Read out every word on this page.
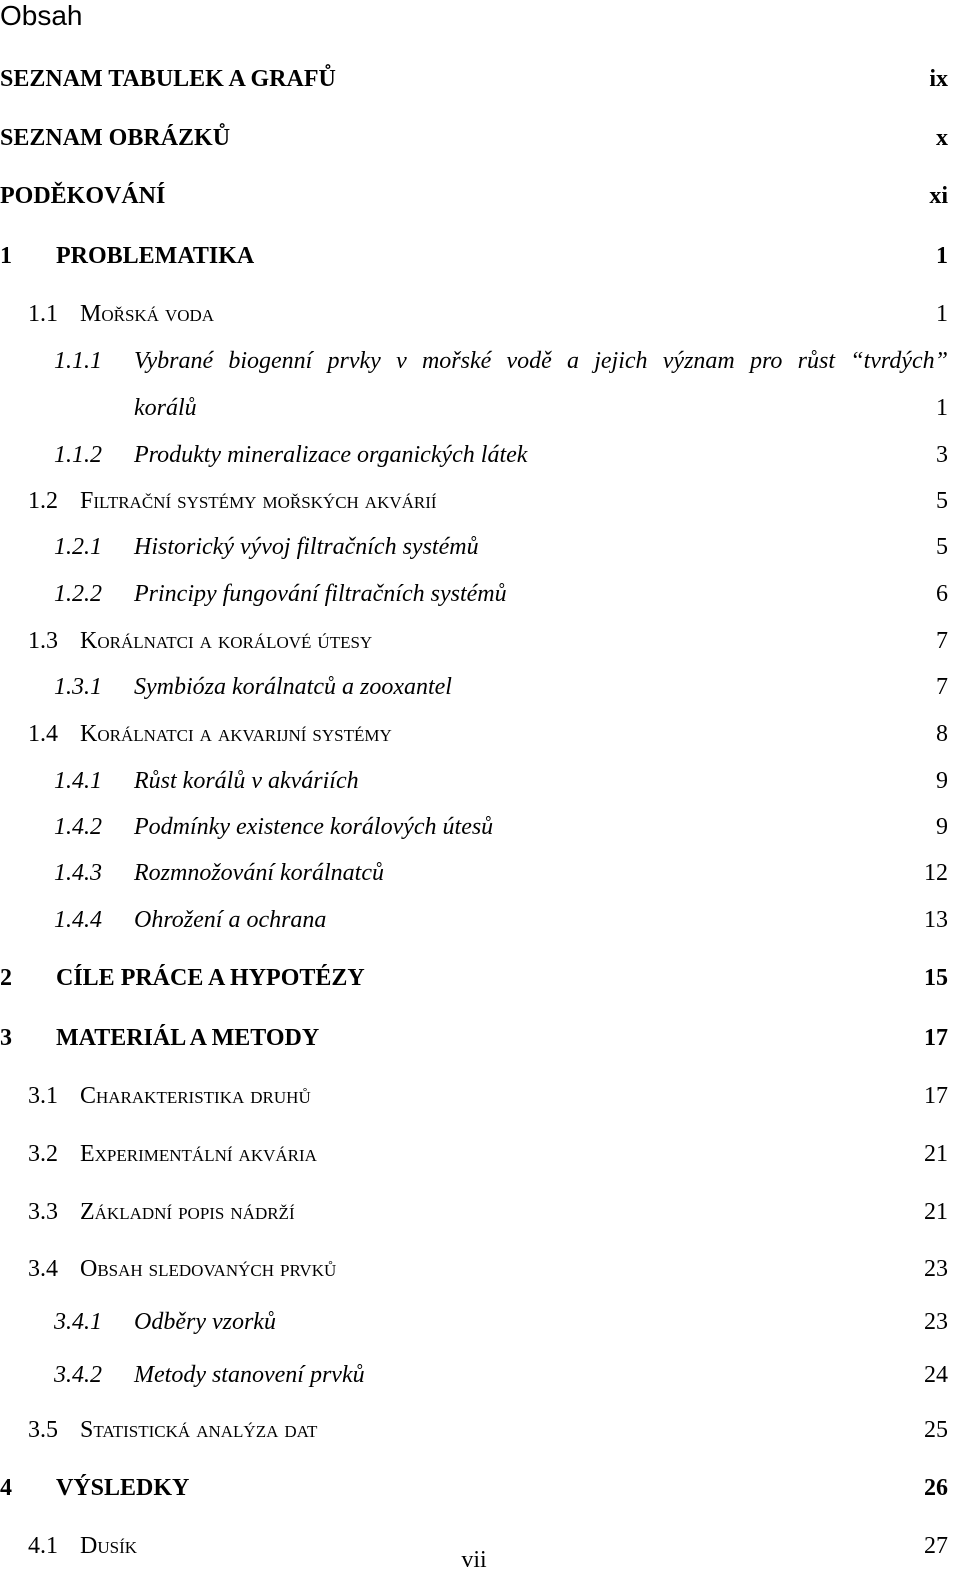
Obsah
SEZNAM TABULEK A GRAFŮ	ix
SEZNAM OBRÁZKŮ	x
PODĚKOVÁNÍ	xi
1	PROBLEMATIKA	1
1.1 Mořská voda	1
1.1.1	Vybrané biogenní prvky v mořské vodě a jejich význam pro růst “tvrdých”
korálů	1
1.1.2	Produkty mineralizace organických látek	3
1.2 Filtrační systémy mořských akvárií	5
1.2.1	Historický vývoj filtračních systémů	5
1.2.2	Principy fungování filtračních systémů	6
1.3 Korálnatci a korálové útesy	7
1.3.1	Symbióza korálnatců a zooxantel	7
1.4 Korálnatci a akvarijní systémy	8
1.4.1	Růst korálů v akváriích	9
1.4.2	Podmínky existence korálových útesů	9
1.4.3	Rozmnožování korálnatců	12
1.4.4	Ohrožení a ochrana	13
2	CÍLE PRÁCE A HYPOTÉZY	15
3	MATERIÁL A METODY	17
3.1 Charakteristika druhů	17
3.2 Experimentální akvária	21
3.3 Základní popis nádrží	21
3.4 Obsah sledovaných prvků	23
3.4.1	Odběry vzorků	23
3.4.2	Metody stanovení prvků	24
3.5 Statistická analýza dat	25
4	VÝSLEDKY	26
4.1 Dusík	27
vii
